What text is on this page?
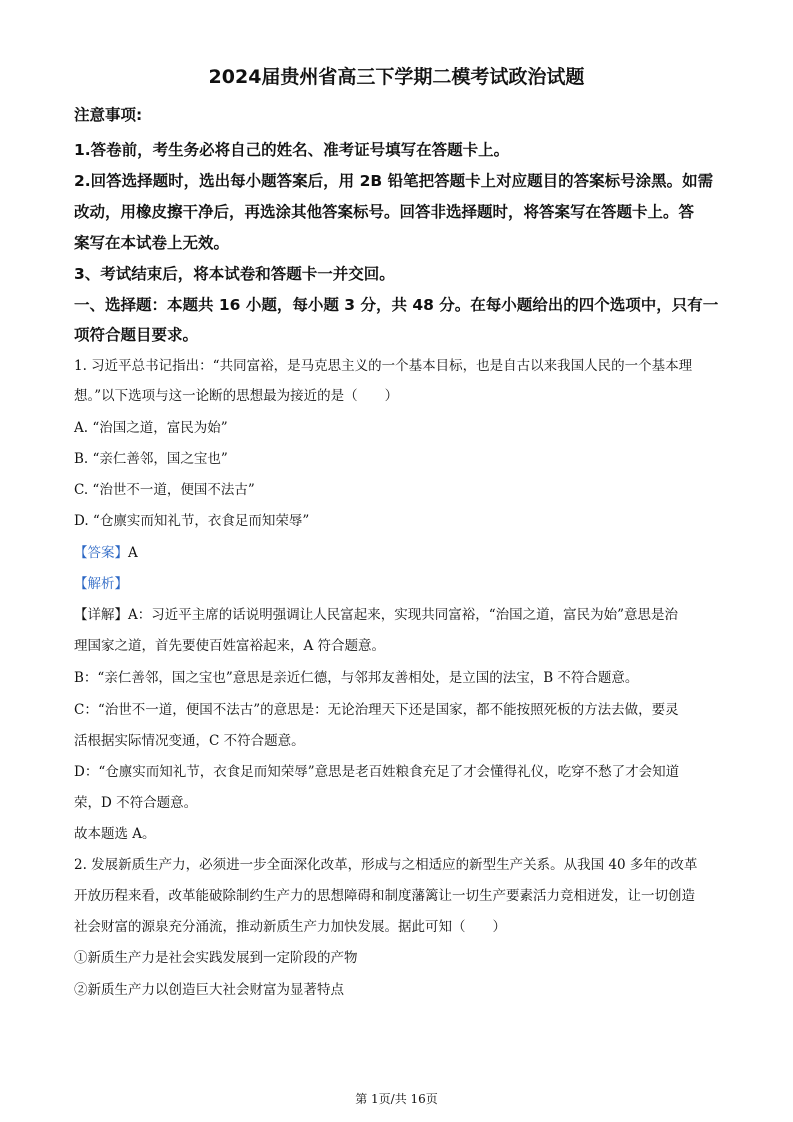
2024届贵州省高三下学期二模考试政治试题
注意事项:
1.答卷前，考生务必将自己的姓名、准考证号填写在答题卡上。
2.回答选择题时，选出每小题答案后，用 2B 铅笔把答题卡上对应题目的答案标号涂黑。如需
改动，用橡皮擦干净后，再选涂其他答案标号。回答非选择题时，将答案写在答题卡上。答
案写在本试卷上无效。
3、考试结束后，将本试卷和答题卡一并交回。
一、选择题：本题共 16 小题，每小题 3 分，共 48 分。在每小题给出的四个选项中，只有一
项符合题目要求。
1. 习近平总书记指出：“共同富裕，是马克思主义的一个基本目标，也是自古以来我国人民的一个基本理
想。”以下选项与这一论断的思想最为接近的是（　　）
A. “治国之道，富民为始”
B. “亲仁善邻，国之宝也”
C. “治世不一道，便国不法古”
D. “仓廪实而知礼节，衣食足而知荣辱”
【答案】A
【解析】
【详解】A：习近平主席的话说明强调让人民富起来，实现共同富裕，“治国之道，富民为始”意思是治
理国家之道，首先要使百姓富裕起来，A 符合题意。
B：“亲仁善邻，国之宝也”意思是亲近仁德，与邻邦友善相处，是立国的法宝，B 不符合题意。
C：“治世不一道，便国不法古”的意思是：无论治理天下还是国家，都不能按照死板的方法去做，要灵
活根据实际情况变通，C 不符合题意。
D：“仓廪实而知礼节，衣食足而知荣辱”意思是老百姓粮食充足了才会懂得礼仪，吃穿不愁了才会知道
荣，D 不符合题意。
故本题选 A。
2. 发展新质生产力，必须进一步全面深化改革，形成与之相适应的新型生产关系。从我国 40 多年的改革
开放历程来看，改革能破除制约生产力的思想障碍和制度藩篱让一切生产要素活力竞相迸发，让一切创造
社会财富的源泉充分涌流，推动新质生产力加快发展。据此可知（　　）
①新质生产力是社会实践发展到一定阶段的产物
②新质生产力以创造巨大社会财富为显著特点
第 1页/共 16页
